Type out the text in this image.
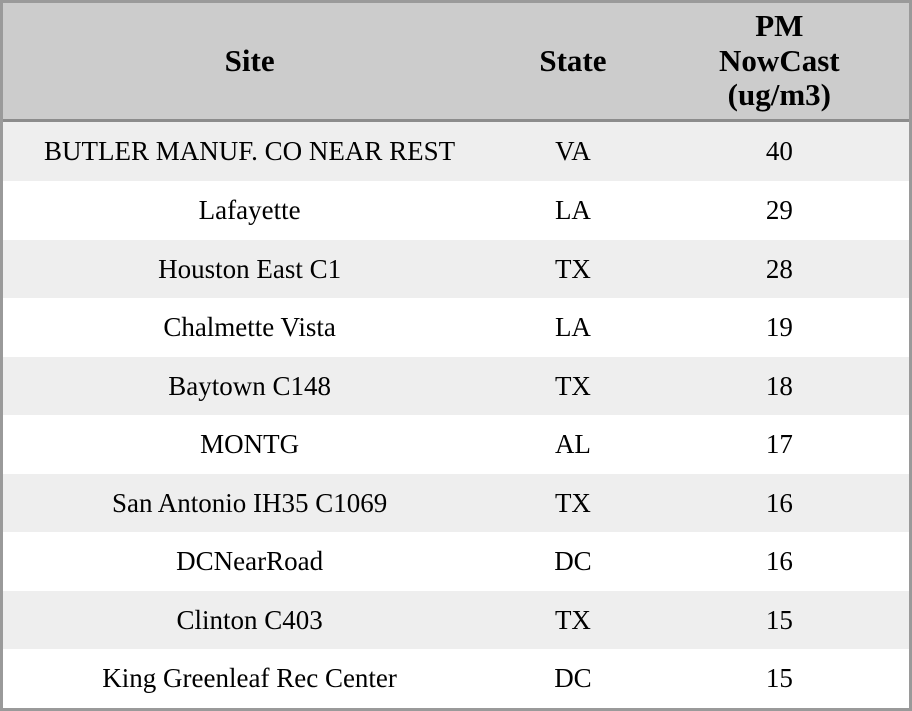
Site	State	PM
NowCast
(ug/m3)

BUTLER MANUF. CO NEAR REST	VA	40
Lafayette	LA	29
Houston East C1	TX	28
Chalmette Vista	LA	19
Baytown C148	TX	18
MONTG	AL	17
San Antonio IH35 C1069	TX	16
DCNearRoad	DC	16
Clinton C403	TX	15
King Greenleaf Rec Center	DC	15
